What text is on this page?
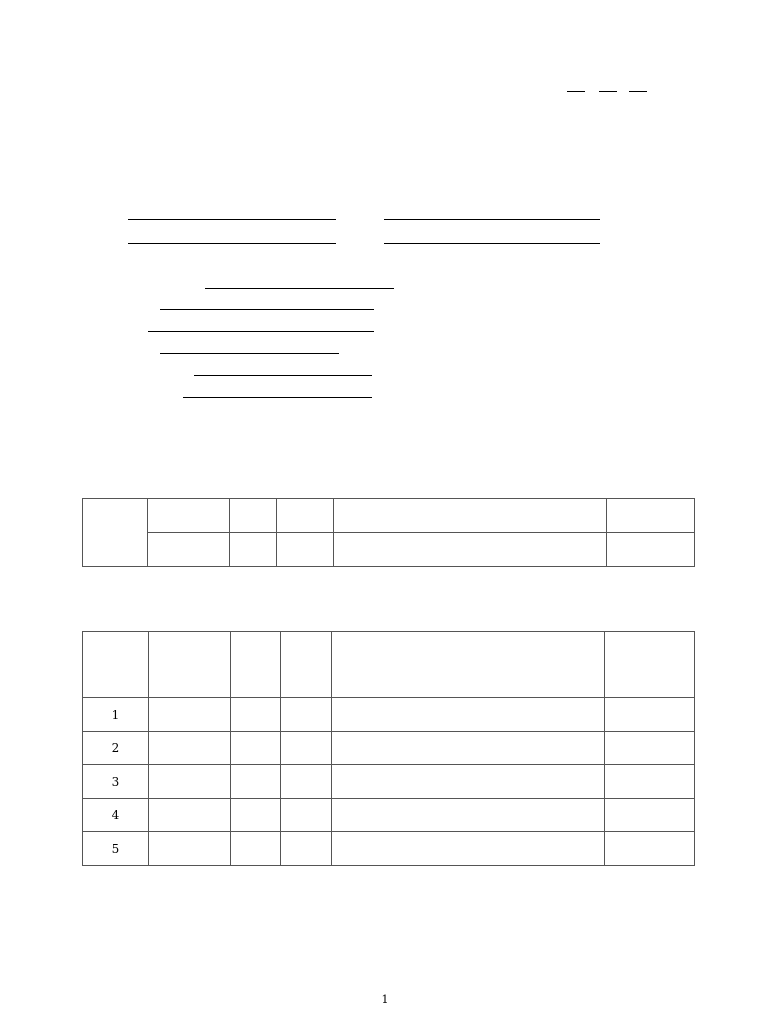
1					
2					
3					
4					
5					
1
